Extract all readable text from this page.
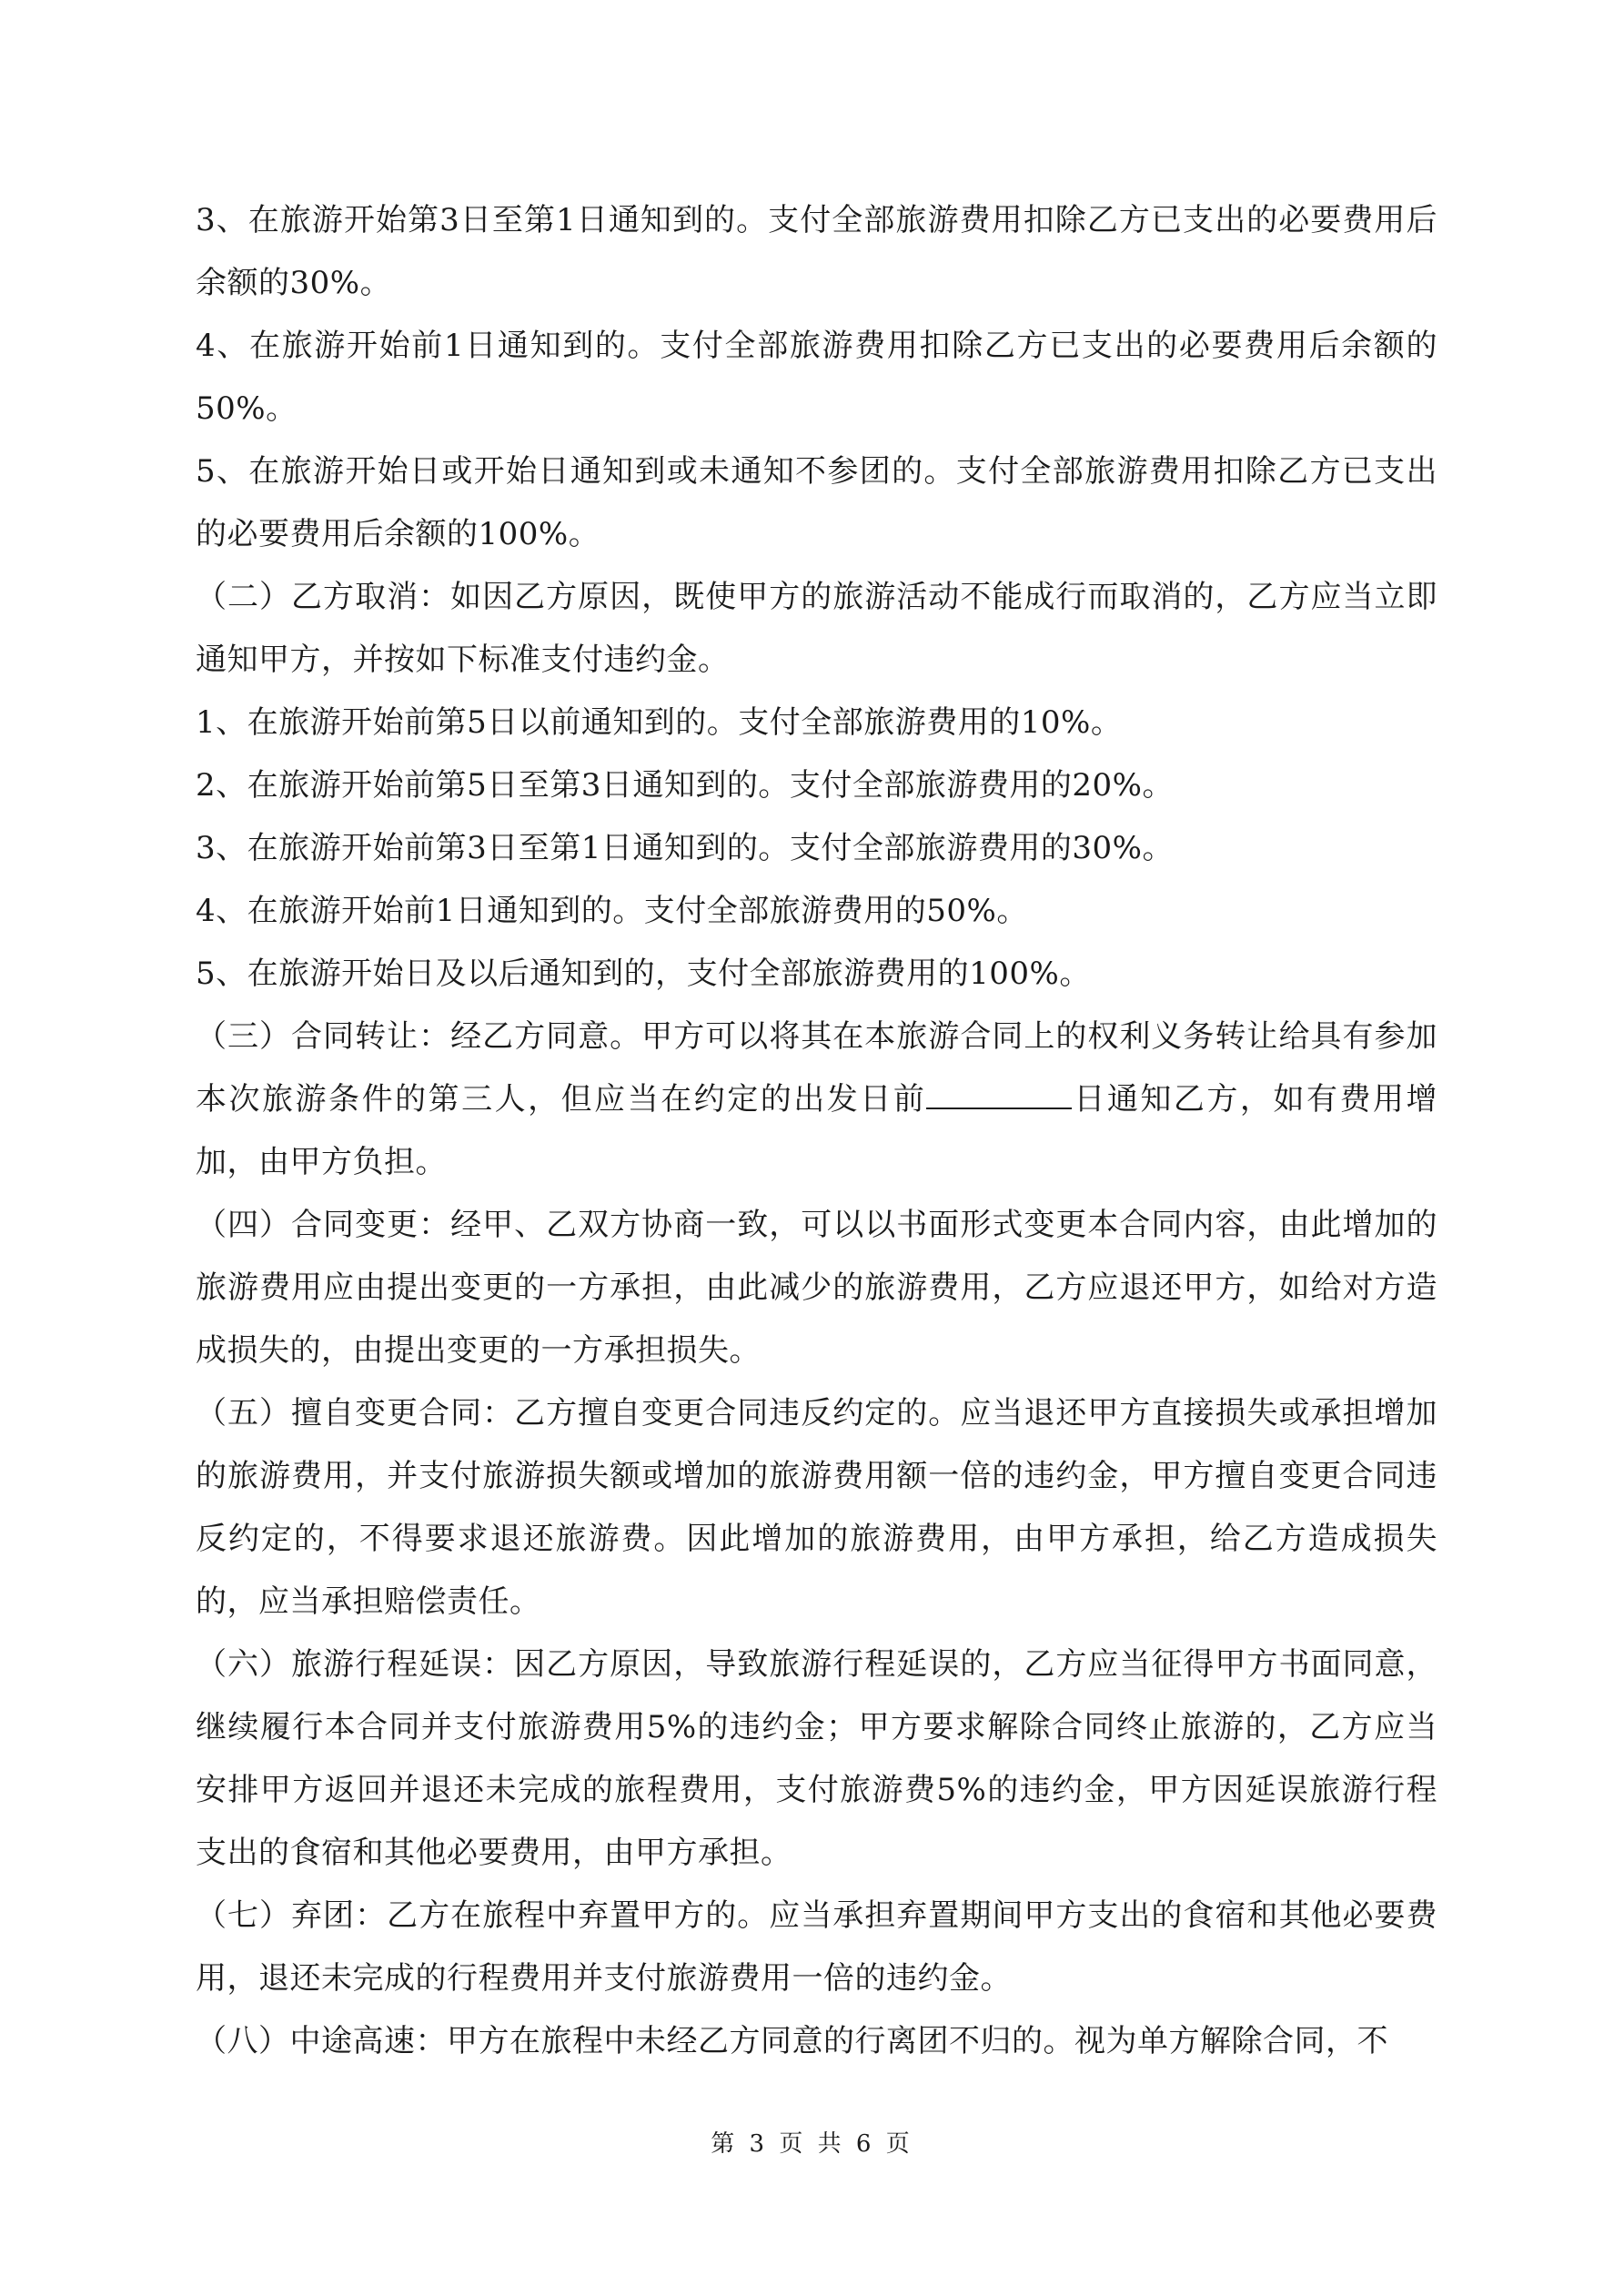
3、在旅游开始第3日至第1日通知到的。支付全部旅游费用扣除乙方已支出的必要费用后余额的30%。

4、在旅游开始前1日通知到的。支付全部旅游费用扣除乙方已支出的必要费用后余额的50%。

5、在旅游开始日或开始日通知到或未通知不参团的。支付全部旅游费用扣除乙方已支出的必要费用后余额的100%。

（二）乙方取消：如因乙方原因，既使甲方的旅游活动不能成行而取消的，乙方应当立即通知甲方，并按如下标准支付违约金。

1、在旅游开始前第5日以前通知到的。支付全部旅游费用的10%。

2、在旅游开始前第5日至第3日通知到的。支付全部旅游费用的20%。

3、在旅游开始前第3日至第1日通知到的。支付全部旅游费用的30%。

4、在旅游开始前1日通知到的。支付全部旅游费用的50%。

5、在旅游开始日及以后通知到的，支付全部旅游费用的100%。

（三）合同转让：经乙方同意。甲方可以将其在本旅游合同上的权利义务转让给具有参加本次旅游条件的第三人，但应当在约定的出发日前	日通知乙方，如有费用增加，由甲方负担。

（四）合同变更：经甲、乙双方协商一致，可以以书面形式变更本合同内容，由此增加的旅游费用应由提出变更的一方承担，由此减少的旅游费用，乙方应退还甲方，如给对方造成损失的，由提出变更的一方承担损失。

（五）擅自变更合同：乙方擅自变更合同违反约定的。应当退还甲方直接损失或承担增加的旅游费用，并支付旅游损失额或增加的旅游费用额一倍的违约金，甲方擅自变更合同违反约定的，不得要求退还旅游费。因此增加的旅游费用，由甲方承担，给乙方造成损失的，应当承担赔偿责任。

（六）旅游行程延误：因乙方原因，导致旅游行程延误的，乙方应当征得甲方书面同意，继续履行本合同并支付旅游费用5%的违约金；甲方要求解除合同终止旅游的，乙方应当安排甲方返回并退还未完成的旅程费用，支付旅游费5%的违约金，甲方因延误旅游行程支出的食宿和其他必要费用，由甲方承担。

（七）弃团：乙方在旅程中弃置甲方的。应当承担弃置期间甲方支出的食宿和其他必要费用，退还未完成的行程费用并支付旅游费用一倍的违约金。

（八）中途高速：甲方在旅程中未经乙方同意的行离团不归的。视为单方解除合同，不

第 3 页 共 6 页
